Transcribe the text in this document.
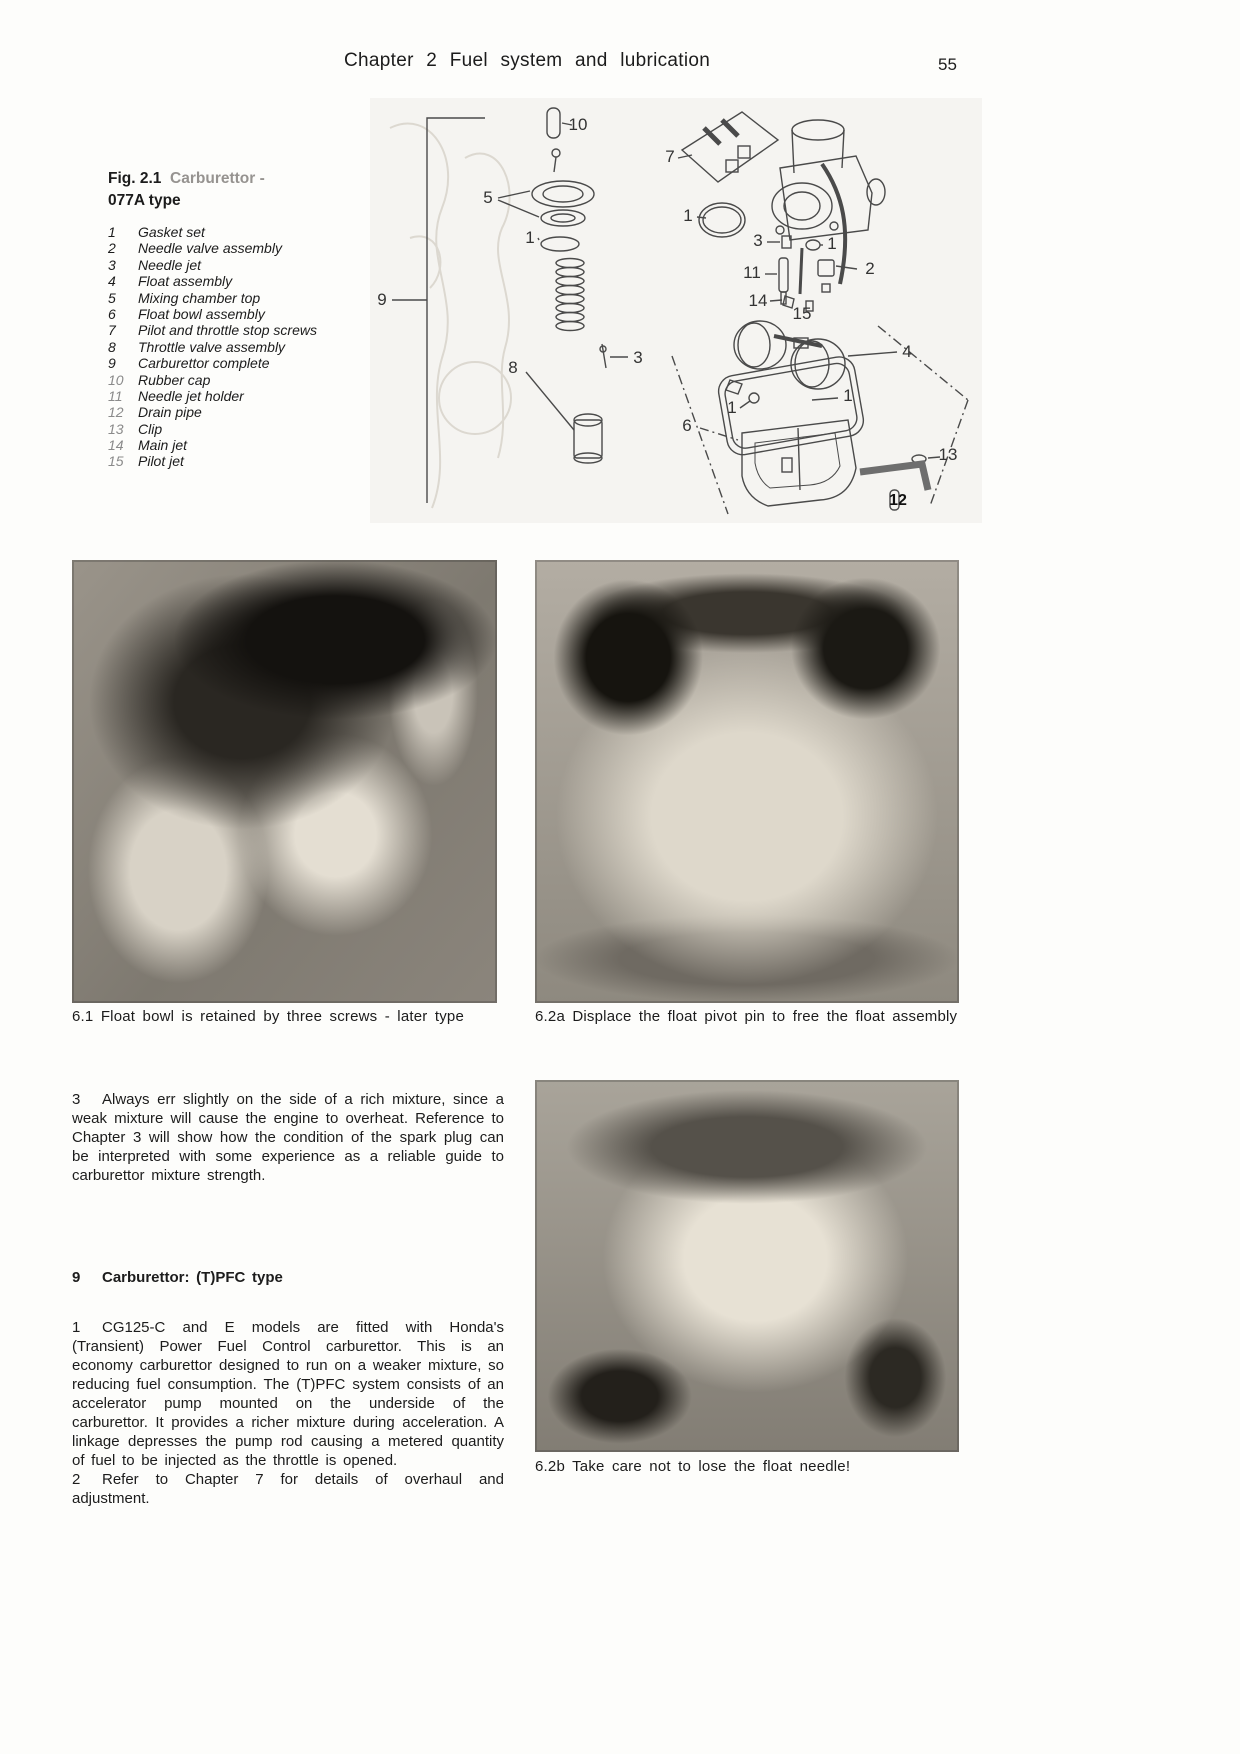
Chapter 2 Fuel system and lubrication	55
Fig. 2.1 Carburettor -
077A type
1	Gasket set
2	Needle valve assembly
3	Needle jet
4	Float assembly
5	Mixing chamber top
6	Float bowl assembly
7	Pilot and throttle stop screws
8	Throttle valve assembly
9	Carburettor complete
10	Rubber cap
11	Needle jet holder
12	Drain pipe
13	Clip
14	Main jet
15	Pilot jet
10
5
1
9
8
3
7
1
3	1
11	2
14
15
4
1
1
6
13
12
6.1 Float bowl is retained by three screws - later type	6.2a Displace the float pivot pin to free the float assembly
6.2b Take care not to lose the float needle!
3 Always err slightly on the side of a rich mixture, since a weak mixture will cause the engine to overheat. Reference to Chapter 3 will show how the condition of the spark plug can be interpreted with some experience as a reliable guide to carburettor mixture strength.
9 Carburettor: (T)PFC type
1 CG125-C and E models are fitted with Honda's (Transient) Power Fuel Control carburettor. This is an economy carburettor designed to run on a weaker mixture, so reducing fuel consumption. The (T)PFC system consists of an accelerator pump mounted on the underside of the carburettor. It provides a richer mixture during acceleration. A linkage depresses the pump rod causing a metered quantity of fuel to be injected as the throttle is opened.
2 Refer to Chapter 7 for details of overhaul and adjustment.
